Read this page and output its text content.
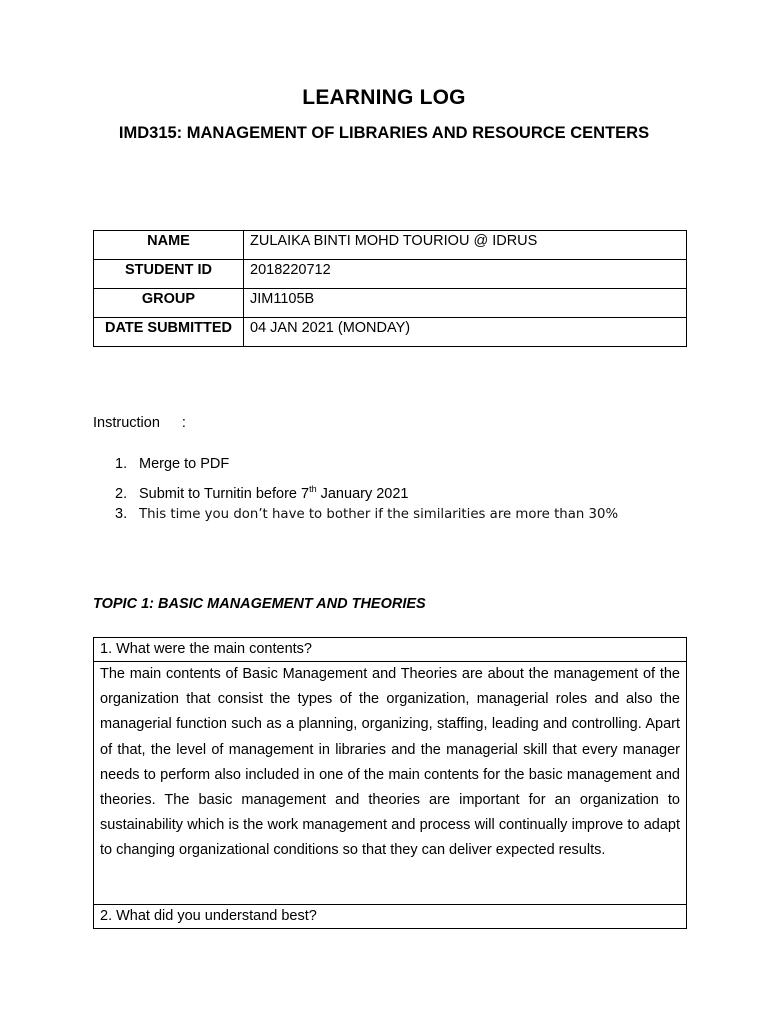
LEARNING LOG
IMD315: MANAGEMENT OF LIBRARIES AND RESOURCE CENTERS
NAME	ZULAIKA BINTI MOHD TOURIOU @ IDRUS
STUDENT ID	2018220712
GROUP	JIM1105B
DATE SUBMITTED	04 JAN 2021 (MONDAY)
Instruction :
1. Merge to PDF
2. Submit to Turnitin before 7th January 2021
3. This time you don’t have to bother if the similarities are more than 30%
TOPIC 1: BASIC MANAGEMENT AND THEORIES
1. What were the main contents?
The main contents of Basic Management and Theories are about the management of the organization that consist the types of the organization, managerial roles and also the managerial function such as a planning, organizing, staffing, leading and controlling. Apart of that, the level of management in libraries and the managerial skill that every manager needs to perform also included in one of the main contents for the basic management and theories. The basic management and theories are important for an organization to sustainability which is the work management and process will continually improve to adapt to changing organizational conditions so that they can deliver expected results.
2. What did you understand best?
